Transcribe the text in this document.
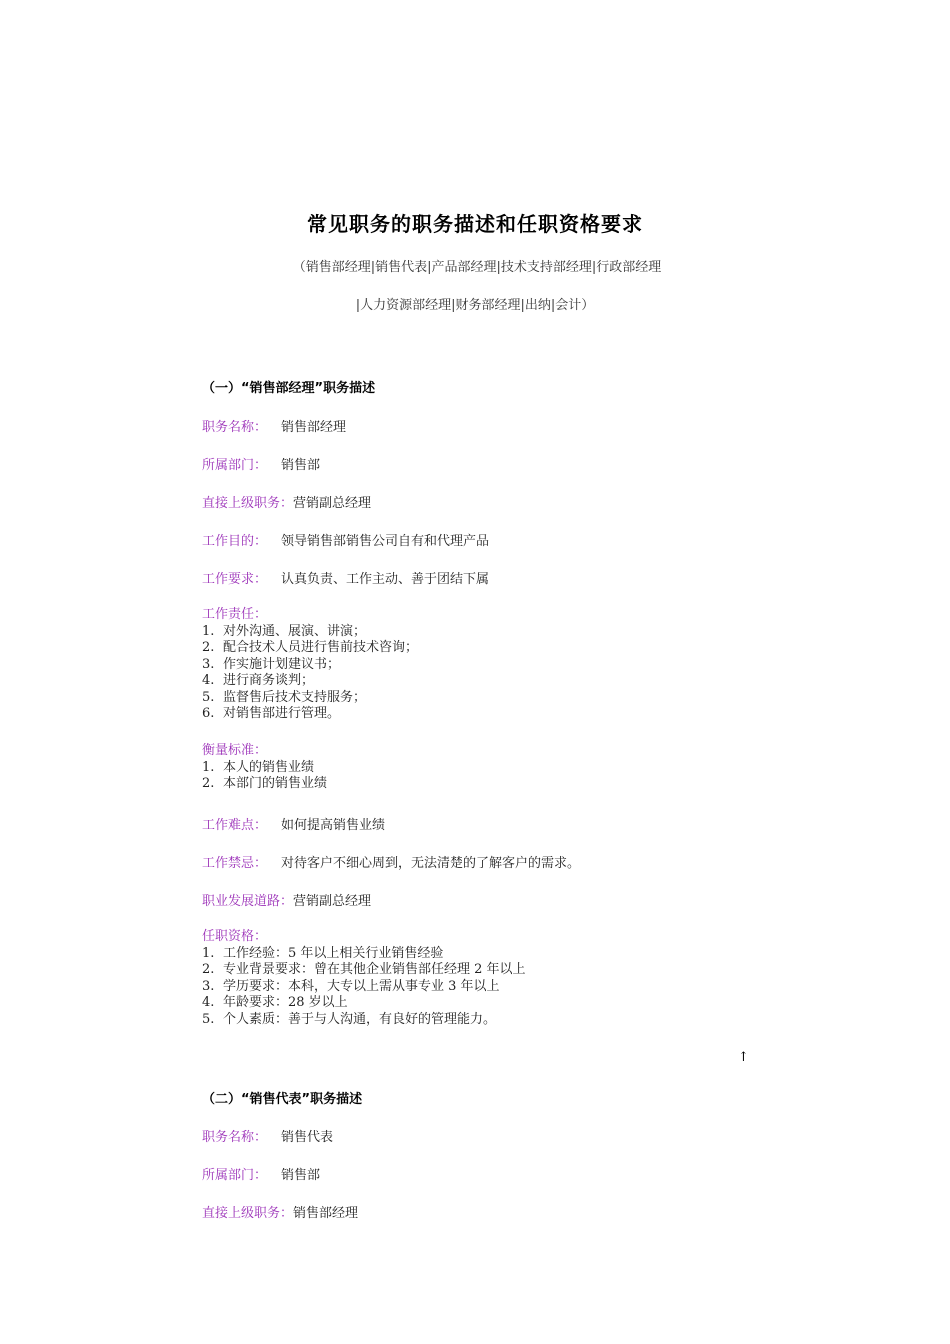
常见职务的职务描述和任职资格要求
（销售部经理|销售代表|产品部经理|技术支持部经理|行政部经理
|人力资源部经理|财务部经理|出纳|会计）
（一）“销售部经理”职务描述
职务名称： 销售部经理
所属部门： 销售部
直接上级职务：营销副总经理
工作目的： 领导销售部销售公司自有和代理产品
工作要求： 认真负责、工作主动、善于团结下属
工作责任：
1. 对外沟通、展演、讲演；
2. 配合技术人员进行售前技术咨询；
3. 作实施计划建议书；
4. 进行商务谈判；
5. 监督售后技术支持服务；
6. 对销售部进行管理。
衡量标准：
1. 本人的销售业绩
2. 本部门的销售业绩
工作难点： 如何提高销售业绩
工作禁忌： 对待客户不细心周到，无法清楚的了解客户的需求。
职业发展道路：营销副总经理
任职资格：
1. 工作经验：5 年以上相关行业销售经验
2. 专业背景要求：曾在其他企业销售部任经理 2 年以上
3. 学历要求：本科，大专以上需从事专业 3 年以上
4. 年龄要求：28 岁以上
5. 个人素质：善于与人沟通，有良好的管理能力。
↑
（二）“销售代表”职务描述
职务名称： 销售代表
所属部门： 销售部
直接上级职务：销售部经理
